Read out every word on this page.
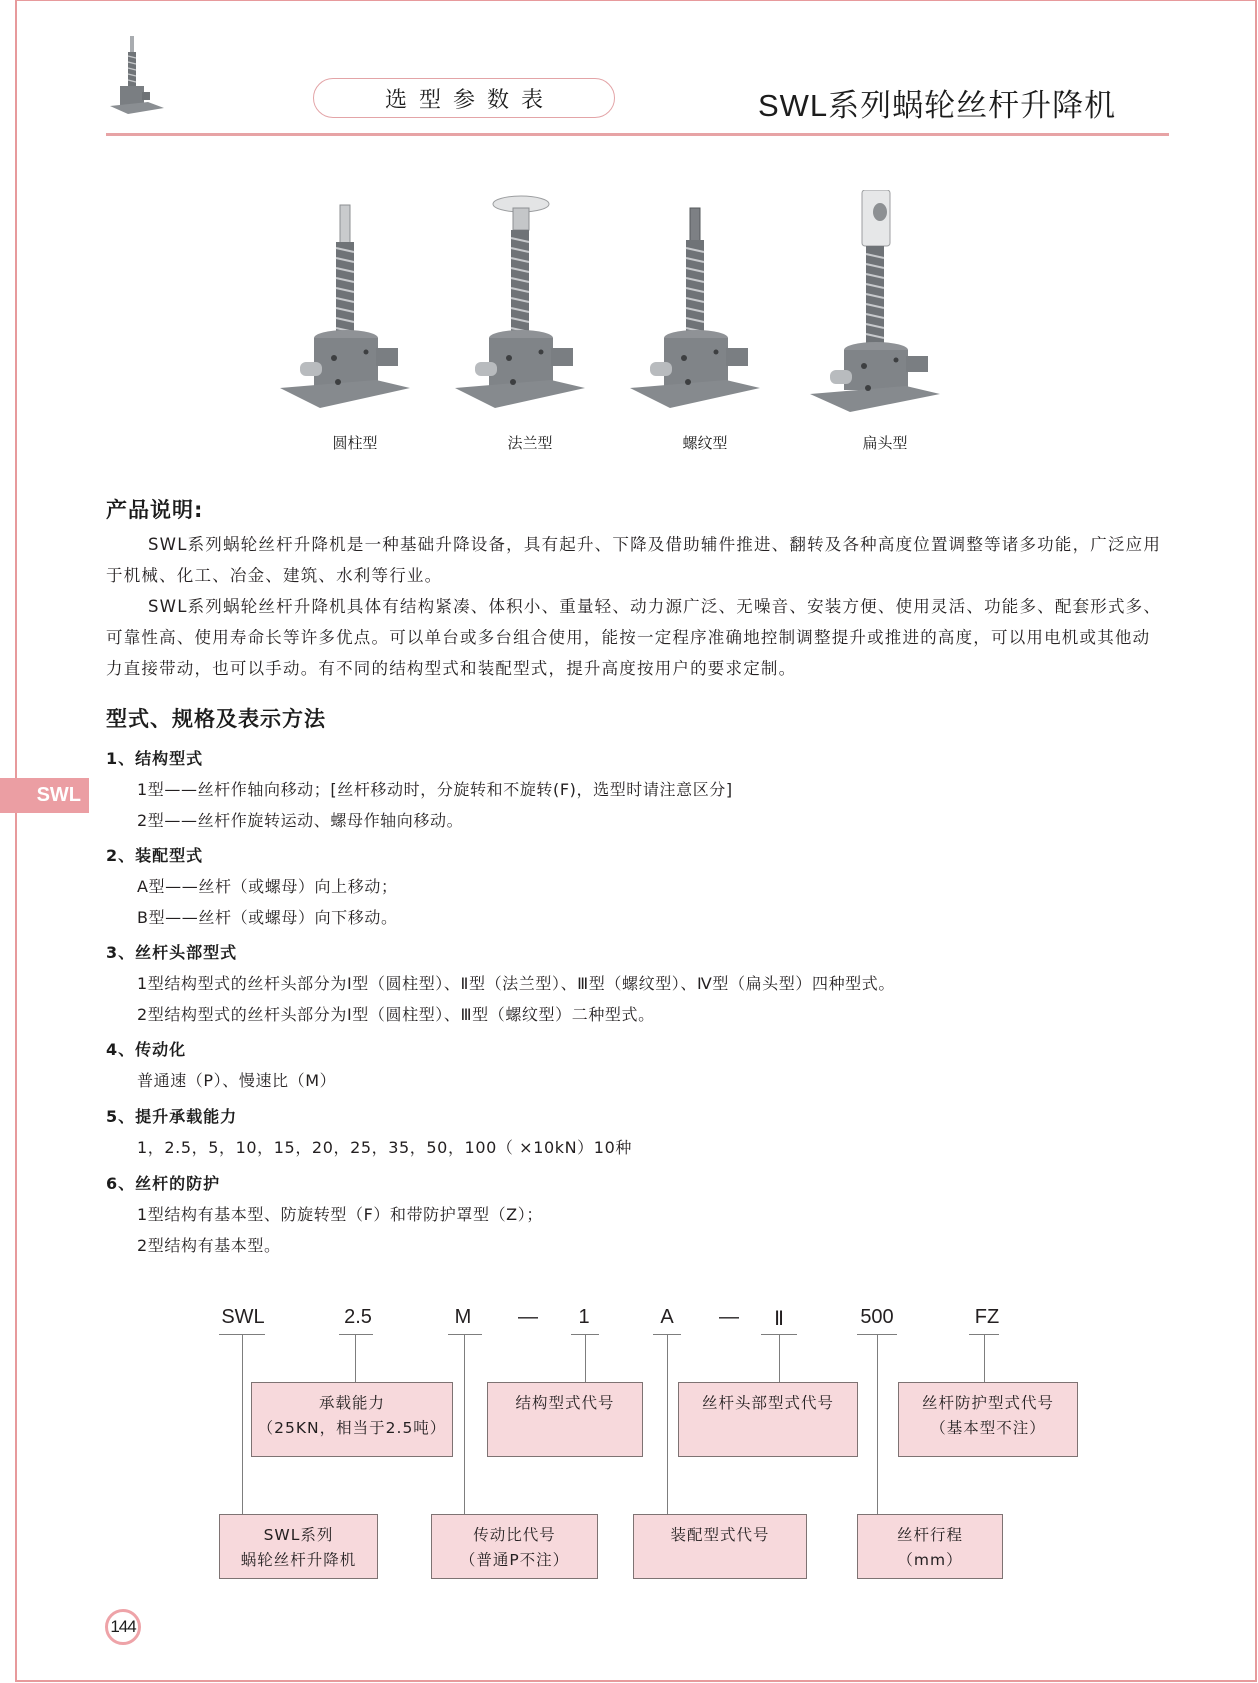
选型参数表	SWL系列蜗轮丝杆升降机
圆柱型	法兰型	螺纹型	扁头型
SWL
产品说明:
SWL系列蜗轮丝杆升降机是一种基础升降设备，具有起升、下降及借助辅件推进、翻转及各种高度位置调整等诸多功能，广泛应用于机械、化工、冶金、建筑、水利等行业。
SWL系列蜗轮丝杆升降机具体有结构紧凑、体积小、重量轻、动力源广泛、无噪音、安装方便、使用灵活、功能多、配套形式多、可靠性高、使用寿命长等许多优点。可以单台或多台组合使用，能按一定程序准确地控制调整提升或推进的高度，可以用电机或其他动力直接带动，也可以手动。有不同的结构型式和装配型式，提升高度按用户的要求定制。
型式、规格及表示方法
1、结构型式
1型——丝杆作轴向移动；[丝杆移动时，分旋转和不旋转(F)，选型时请注意区分]
2型——丝杆作旋转运动、螺母作轴向移动。
2、装配型式
A型——丝杆（或螺母）向上移动；
B型——丝杆（或螺母）向下移动。
3、丝杆头部型式
1型结构型式的丝杆头部分为Ⅰ型（圆柱型）、Ⅱ型（法兰型）、Ⅲ型（螺纹型）、Ⅳ型（扁头型）四种型式。
2型结构型式的丝杆头部分为Ⅰ型（圆柱型）、Ⅲ型（螺纹型）二种型式。
4、传动化
普通速（P）、慢速比（M）
5、提升承载能力
1，2.5，5，10，15，20，25，35，50，100（ ×10kN）10种
6、丝杆的防护
1型结构有基本型、防旋转型（F）和带防护罩型（Z）；
2型结构有基本型。
SWL	2.5	M —	1	A —	Ⅱ	500	FZ
承载能力
（25KN，相当于2.5吨）
结构型式代号	丝杆头部型式代号	丝杆防护型式代号
（基本型不注）
SWL系列
蜗轮丝杆升降机
传动比代号
（普通P不注）
装配型式代号	丝杆行程
（mm）
144
